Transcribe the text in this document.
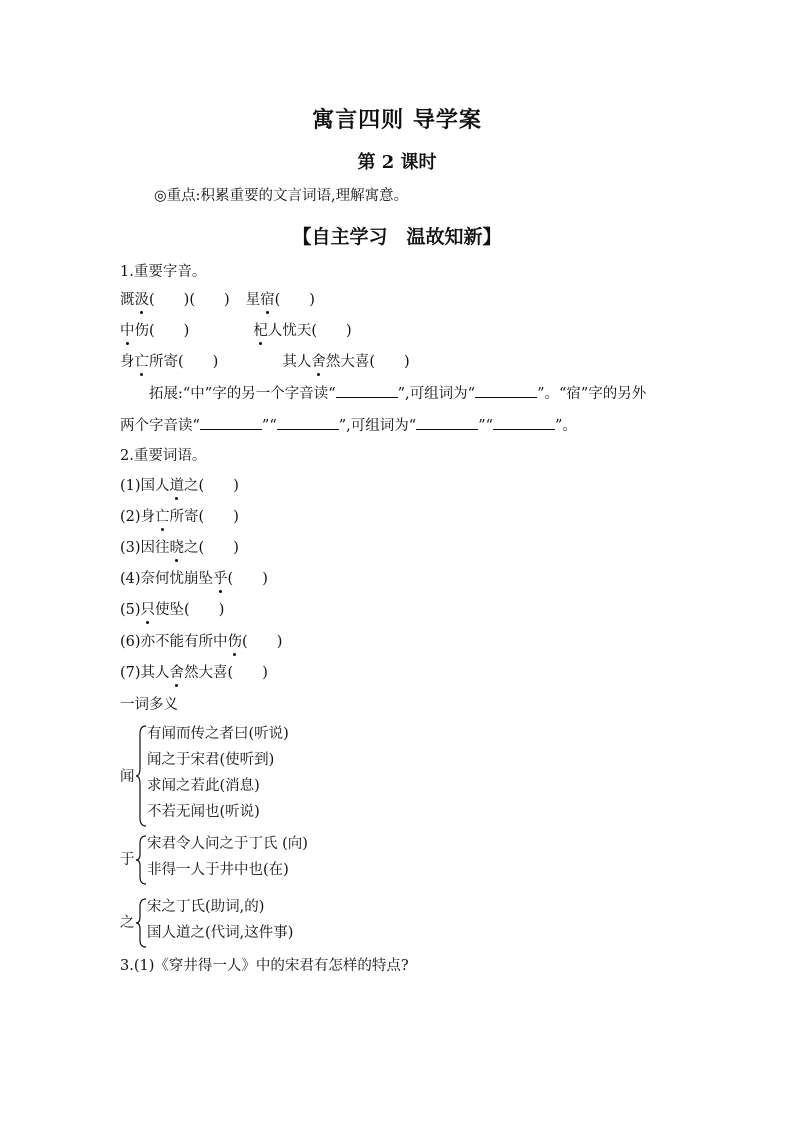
寓言四则 导学案
第 2 课时
◎重点:积累重要的文言词语,理解寓意。
【自主学习　温故知新】
1.重要字音。
溉汲(　　)(　　) 星宿(　　)
中伤(　　)	杞人忧天(　　)
身亡所寄(　　)	其人舍然大喜(　　)
拓展:“中”字的另一个字音读“	”,可组词为“	”。“宿”字的另外
两个字音读“	”“	”,可组词为“	”“	”。
2.重要词语。
(1)国人道之(　　)
(2)身亡所寄(　　)
(3)因往晓之(　　)
(4)奈何忧崩坠乎(　　)
(5)只使坠(　　)
(6)亦不能有所中伤(　　)
(7)其人舍然大喜(　　)
一词多义
闻
有闻而传之者曰(听说)
闻之于宋君(使听到)
求闻之若此(消息)
不若无闻也(听说)
于
宋君令人问之于丁氏 (向)
非得一人于井中也(在)
之
宋之丁氏(助词,的)
国人道之(代词,这件事)
3.(1)《穿井得一人》中的宋君有怎样的特点?
